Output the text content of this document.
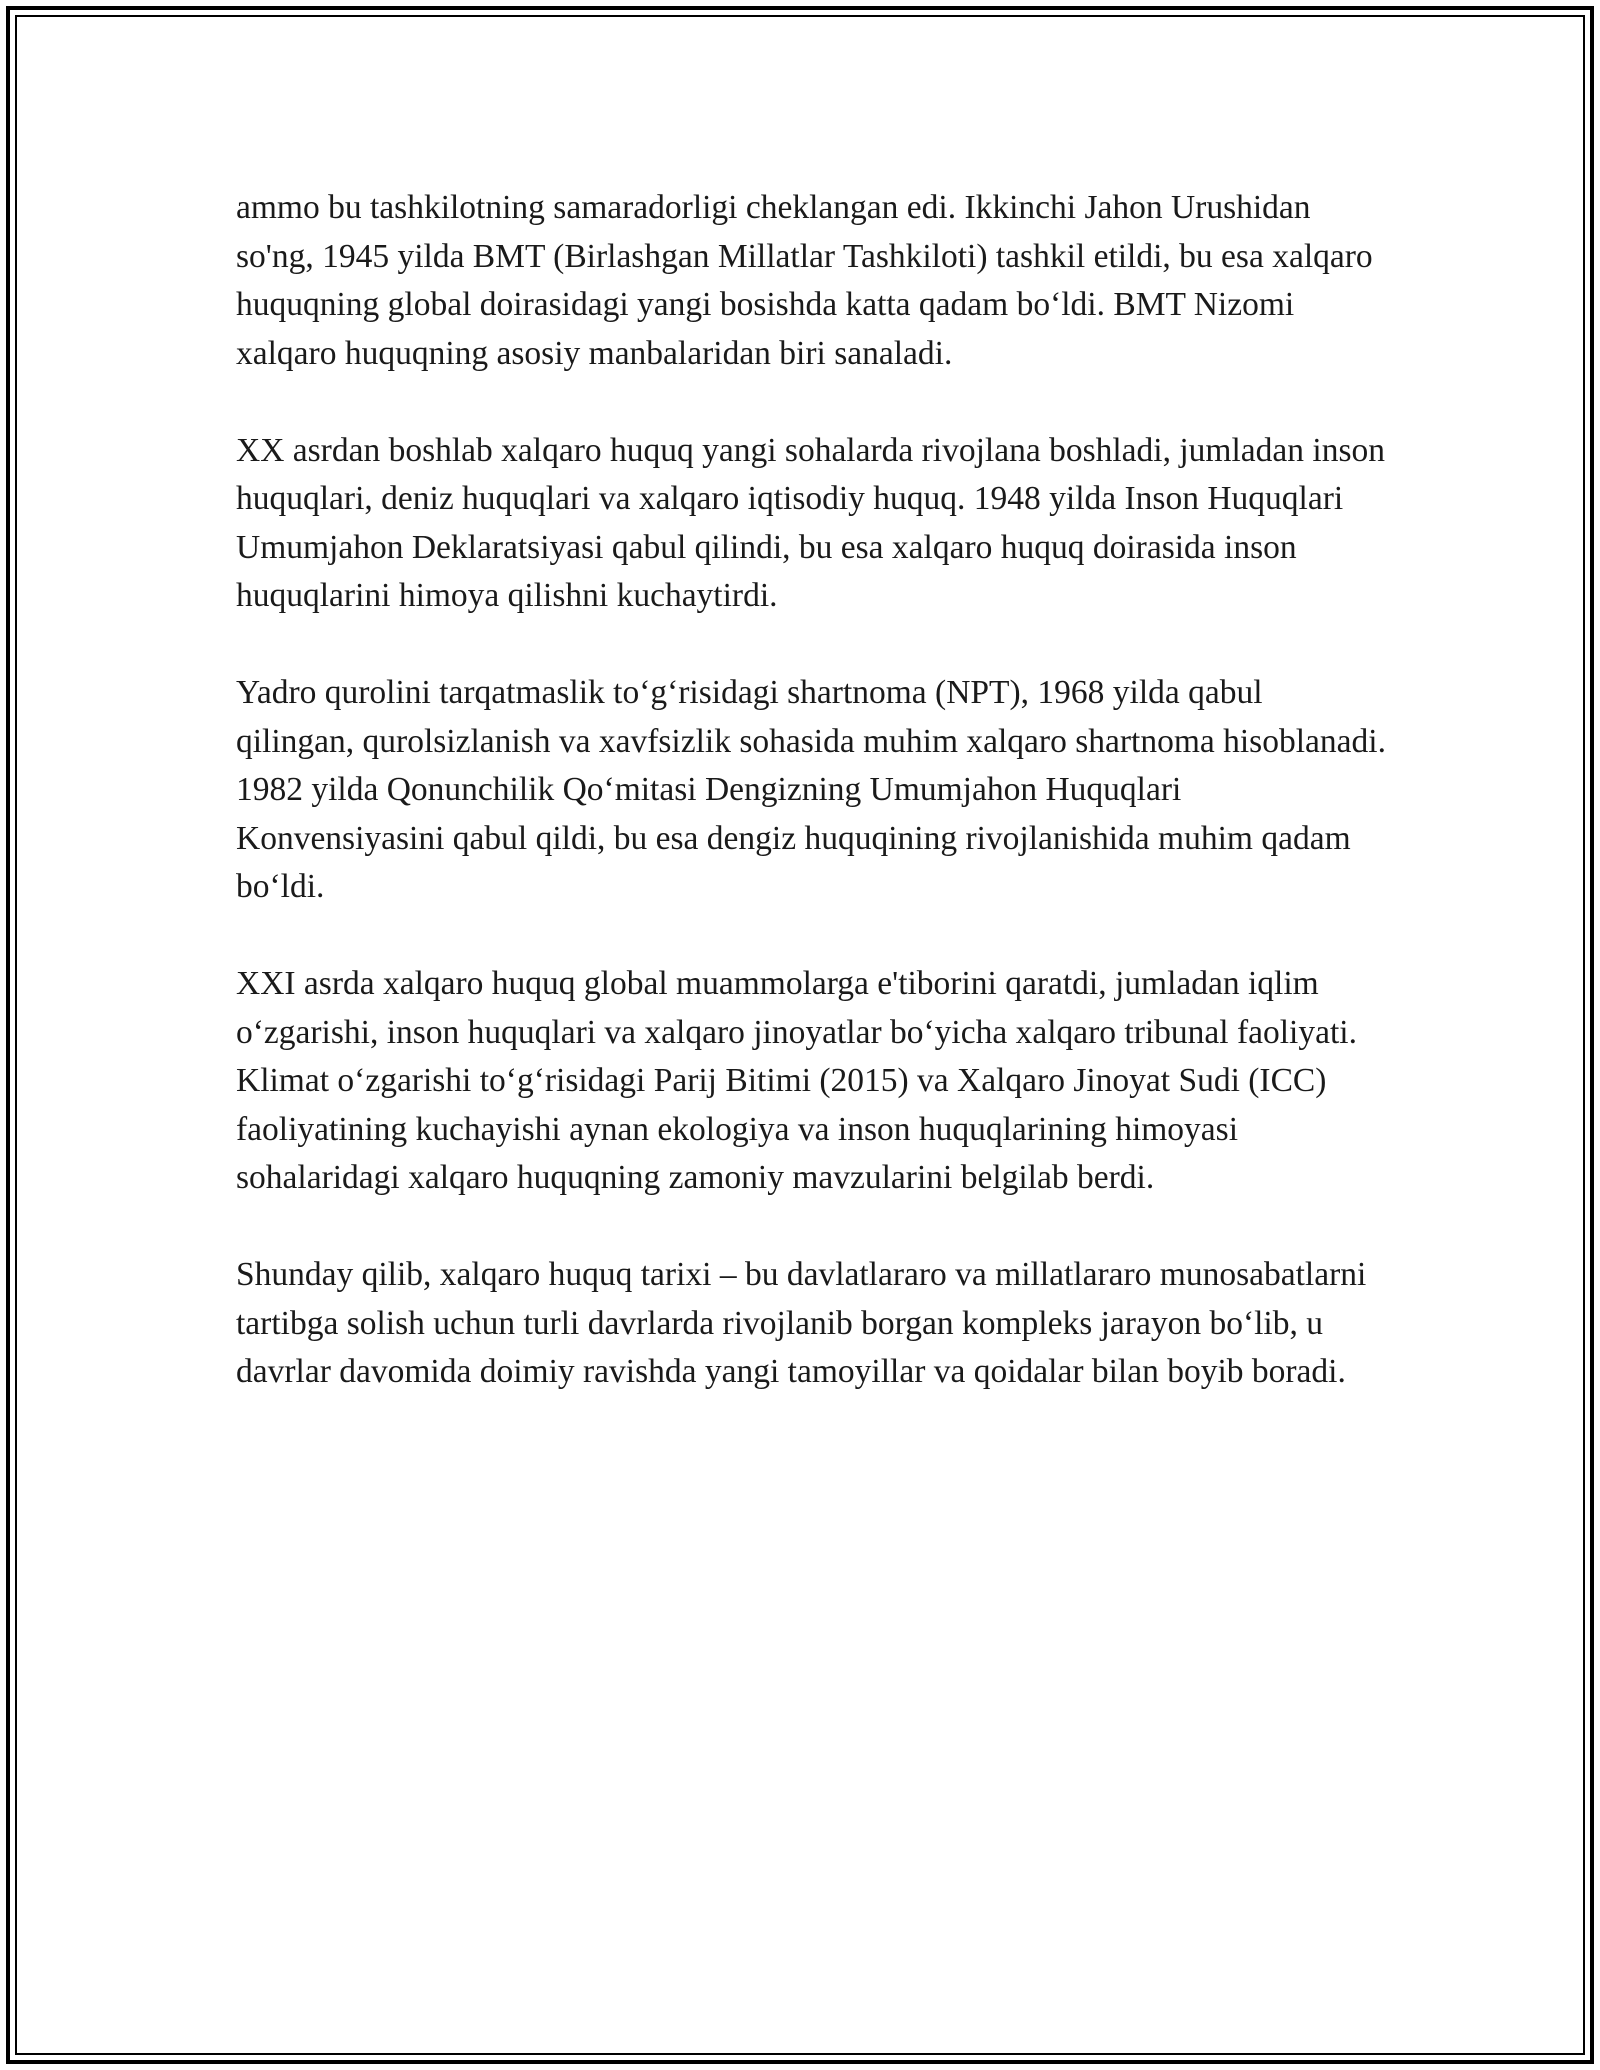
ammo bu tashkilotning samaradorligi cheklangan edi. Ikkinchi Jahon Urushidan so'ng, 1945 yilda BMT (Birlashgan Millatlar Tashkiloti) tashkil etildi, bu esa xalqaro huquqning global doirasidagi yangi bosishda katta qadam bo‘ldi. BMT Nizomi xalqaro huquqning asosiy manbalaridan biri sanaladi.

XX asrdan boshlab xalqaro huquq yangi sohalarda rivojlana boshladi, jumladan inson huquqlari, deniz huquqlari va xalqaro iqtisodiy huquq. 1948 yilda Inson Huquqlari Umumjahon Deklaratsiyasi qabul qilindi, bu esa xalqaro huquq doirasida inson huquqlarini himoya qilishni kuchaytirdi.

Yadro qurolini tarqatmaslik to‘g‘risidagi shartnoma (NPT), 1968 yilda qabul qilingan, qurolsizlanish va xavfsizlik sohasida muhim xalqaro shartnoma hisoblanadi. 1982 yilda Qonunchilik Qo‘mitasi Dengizning Umumjahon Huquqlari Konvensiyasini qabul qildi, bu esa dengiz huquqining rivojlanishida muhim qadam bo‘ldi.

XXI asrda xalqaro huquq global muammolarga e'tiborini qaratdi, jumladan iqlim o‘zgarishi, inson huquqlari va xalqaro jinoyatlar bo‘yicha xalqaro tribunal faoliyati. Klimat o‘zgarishi to‘g‘risidagi Parij Bitimi (2015) va Xalqaro Jinoyat Sudi (ICC) faoliyatining kuchayishi aynan ekologiya va inson huquqlarining himoyasi sohalaridagi xalqaro huquqning zamoniy mavzularini belgilab berdi.

Shunday qilib, xalqaro huquq tarixi – bu davlatlararo va millatlararo munosabatlarni tartibga solish uchun turli davrlarda rivojlanib borgan kompleks jarayon bo‘lib, u davrlar davomida doimiy ravishda yangi tamoyillar va qoidalar bilan boyib boradi.
